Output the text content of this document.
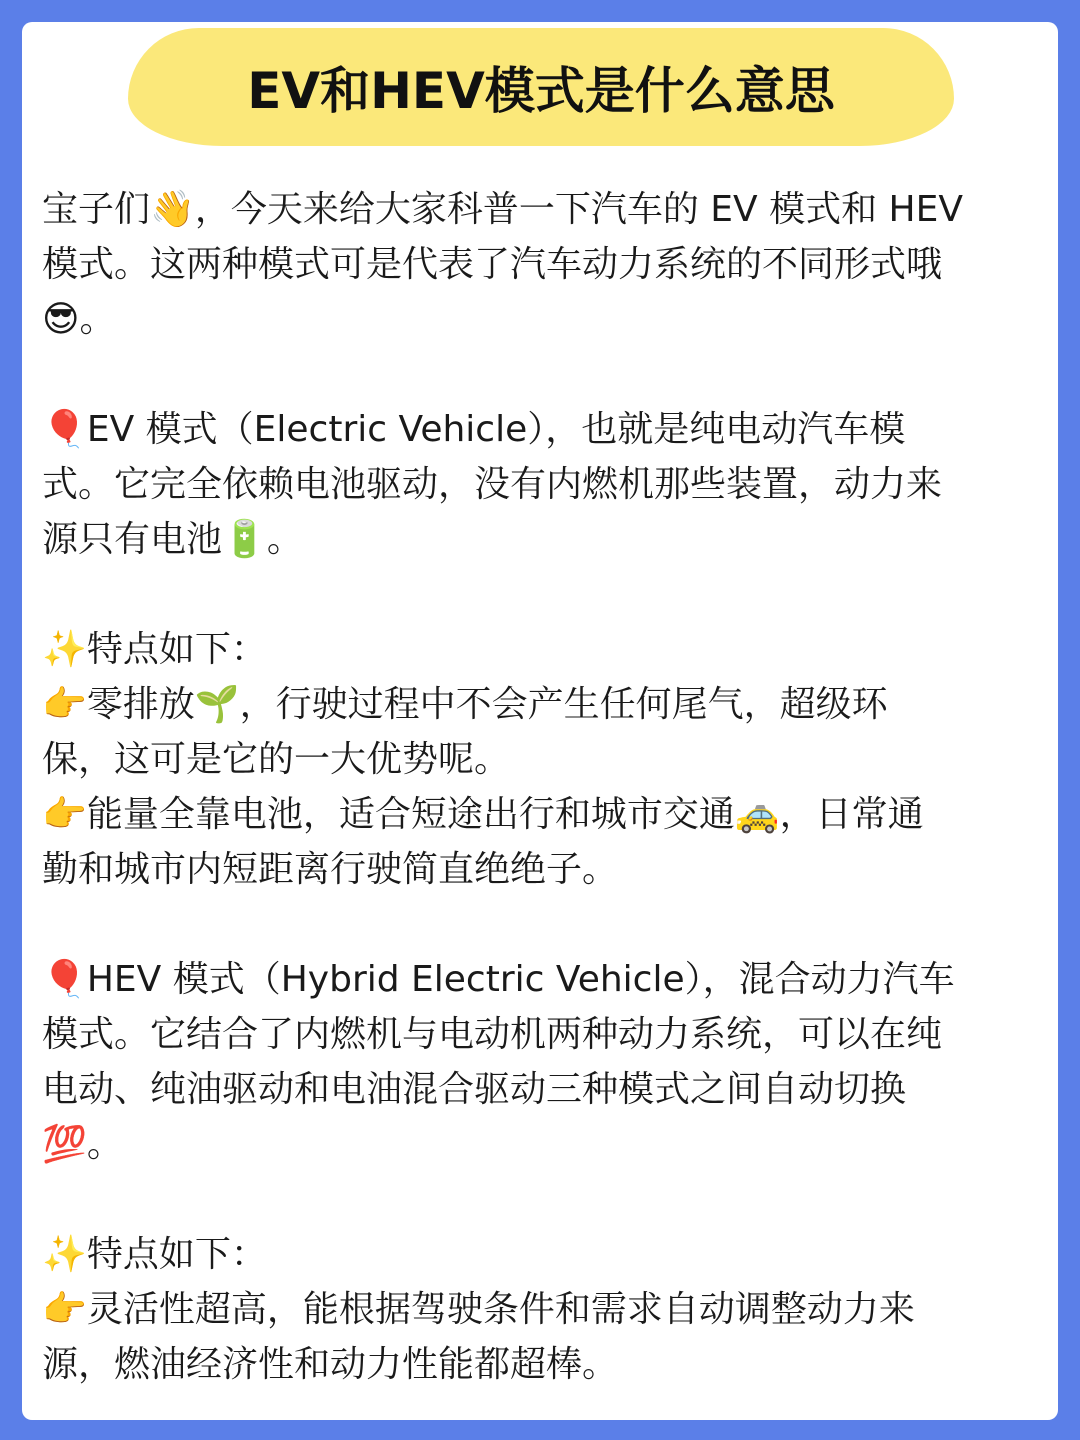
EV和HEV模式是什么意思
宝子们👋，今天来给大家科普一下汽车的 EV 模式和 HEV
模式。这两种模式可是代表了汽车动力系统的不同形式哦
😎。
🎈EV 模式（Electric Vehicle），也就是纯电动汽车模
式。它完全依赖电池驱动，没有内燃机那些装置，动力来
源只有电池🔋。
✨特点如下：
👉零排放🌱，行驶过程中不会产生任何尾气，超级环
保，这可是它的一大优势呢。
👉能量全靠电池，适合短途出行和城市交通🚕，日常通
勤和城市内短距离行驶简直绝绝子。
🎈HEV 模式（Hybrid Electric Vehicle），混合动力汽车
模式。它结合了内燃机与电动机两种动力系统，可以在纯
电动、纯油驱动和电油混合驱动三种模式之间自动切换
💯。
✨特点如下：
👉灵活性超高，能根据驾驶条件和需求自动调整动力来
源，燃油经济性和动力性能都超棒。
